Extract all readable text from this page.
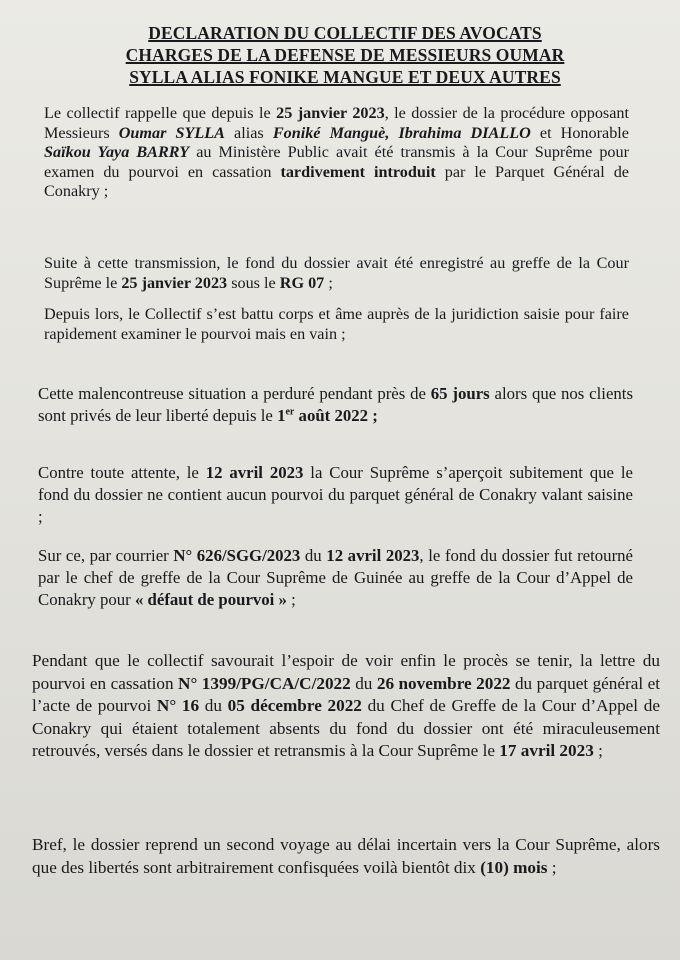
DECLARATION DU COLLECTIF DES AVOCATS
CHARGES DE LA DEFENSE DE MESSIEURS OUMAR
SYLLA ALIAS FONIKE MANGUE ET DEUX AUTRES
Le collectif rappelle que depuis le 25 janvier 2023, le dossier de la procédure opposant Messieurs Oumar SYLLA alias Foniké Manguè, Ibrahima DIALLO et Honorable Saïkou Yaya BARRY au Ministère Public avait été transmis à la Cour Suprême pour examen du pourvoi en cassation tardivement introduit par le Parquet Général de Conakry ;
Suite à cette transmission, le fond du dossier avait été enregistré au greffe de la Cour Suprême le 25 janvier 2023 sous le RG 07 ;
Depuis lors, le Collectif s’est battu corps et âme auprès de la juridiction saisie pour faire rapidement examiner le pourvoi mais en vain ;
Cette malencontreuse situation a perduré pendant près de 65 jours alors que nos clients sont privés de leur liberté depuis le 1er août 2022 ;
Contre toute attente, le 12 avril 2023 la Cour Suprême s’aperçoit subitement que le fond du dossier ne contient aucun pourvoi du parquet général de Conakry valant saisine ;
Sur ce, par courrier N° 626/SGG/2023 du 12 avril 2023, le fond du dossier fut retourné par le chef de greffe de la Cour Suprême de Guinée au greffe de la Cour d’Appel de Conakry pour « défaut de pourvoi » ;
Pendant que le collectif savourait l’espoir de voir enfin le procès se tenir, la lettre du pourvoi en cassation N° 1399/PG/CA/C/2022 du 26 novembre 2022 du parquet général et l’acte de pourvoi N° 16 du 05 décembre 2022 du Chef de Greffe de la Cour d’Appel de Conakry qui étaient totalement absents du fond du dossier ont été miraculeusement retrouvés, versés dans le dossier et retransmis à la Cour Suprême le 17 avril 2023 ;
Bref, le dossier reprend un second voyage au délai incertain vers la Cour Suprême, alors que des libertés sont arbitrairement confisquées voilà bientôt dix (10) mois ;
